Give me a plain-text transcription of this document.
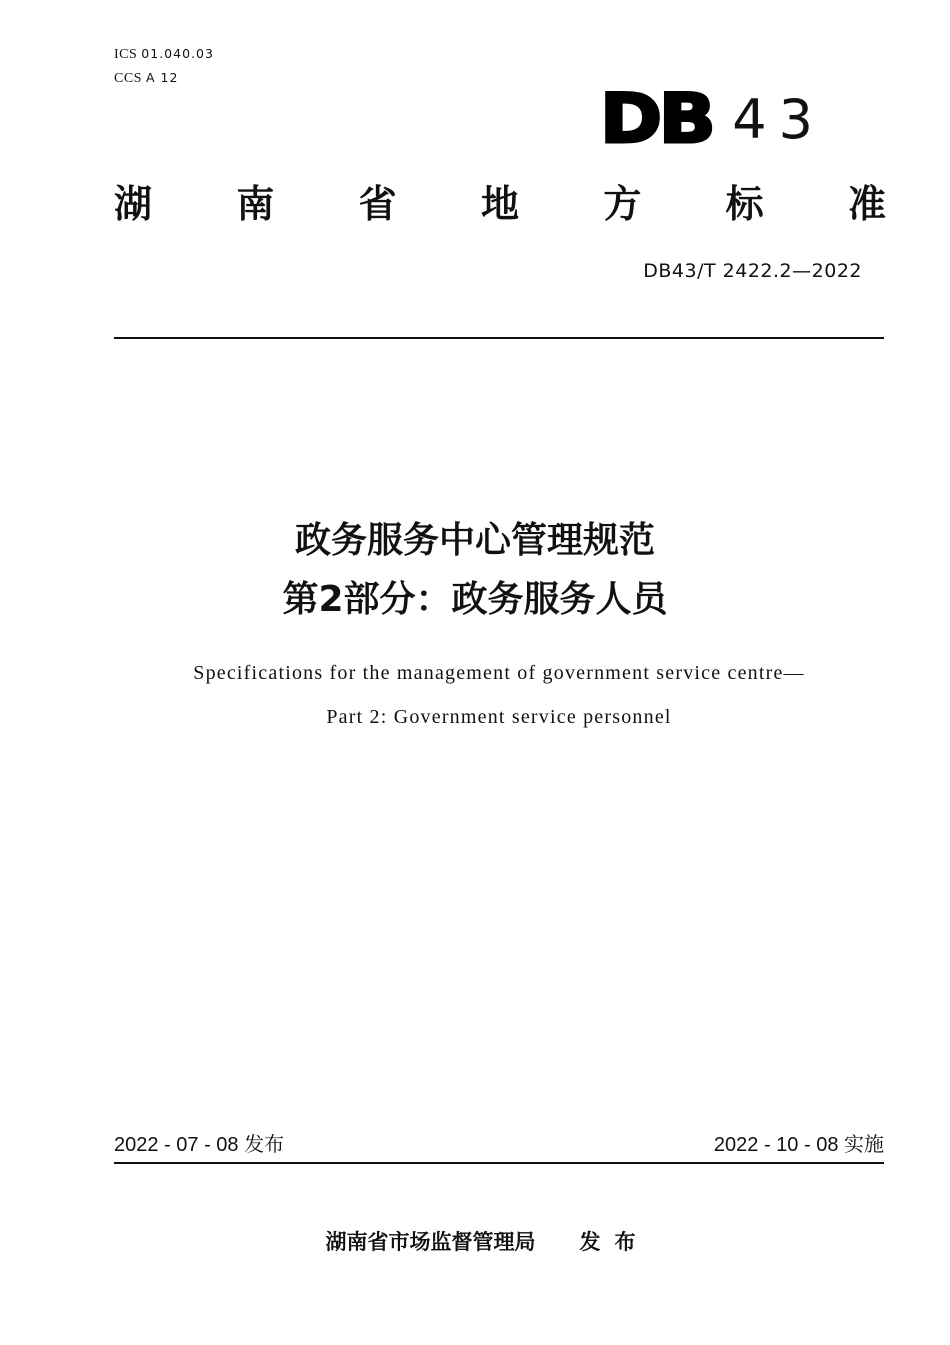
ICS 01.040.03
CCS A 12
DB 43
湖 南 省 地 方 标 准
DB43/T 2422.2—2022
政务服务中心管理规范
第2部分：政务服务人员
Specifications for the management of government service centre—
Part 2: Government service personnel
2022 - 07 - 08 发布	2022 - 10 - 08 实施
湖南省市场监督管理局 发布
